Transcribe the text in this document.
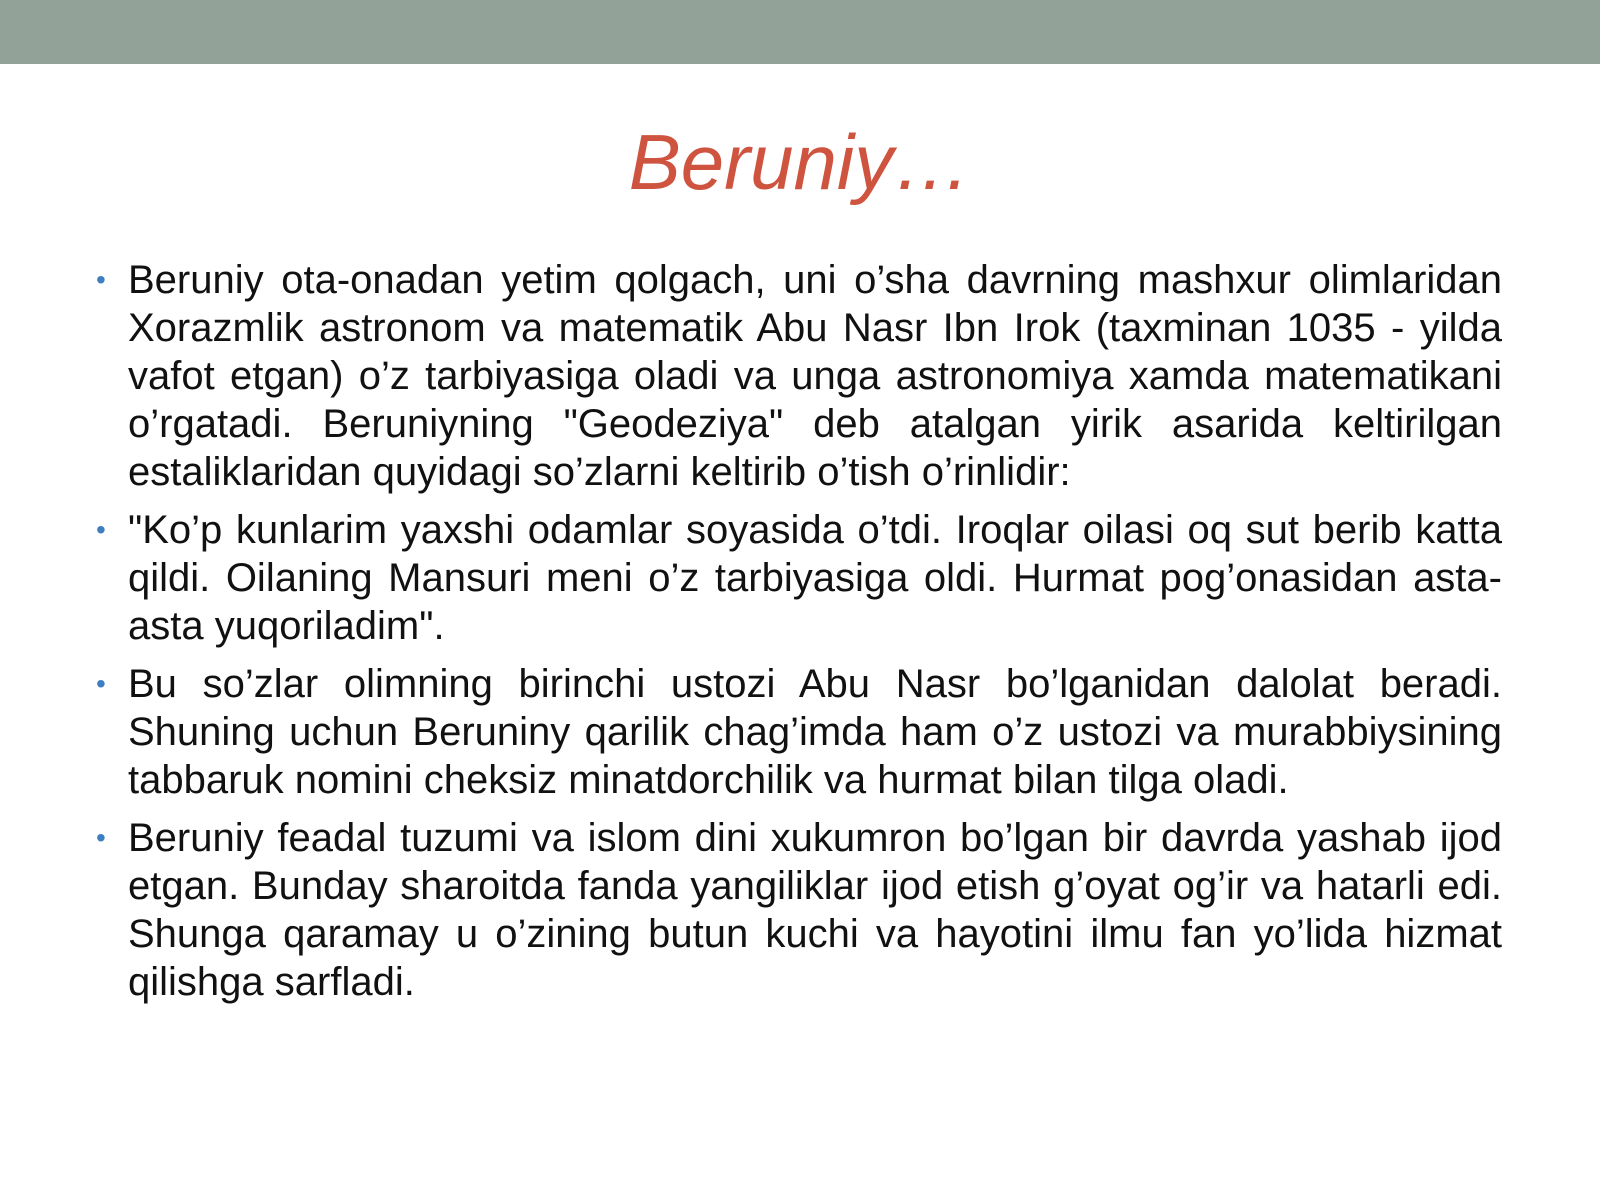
Beruniy…
• Beruniy ota-onadan yetim qolgach, uni o’sha davrning mashxur olimlaridan Xorazmlik astronom va matematik Abu Nasr Ibn Irok (taxminan 1035 - yilda vafot etgan) o’z tarbiyasiga oladi va unga astronomiya xamda matematikani o’rgatadi. Beruniyning "Geodeziya" deb atalgan yirik asarida keltirilgan estaliklaridan quyidagi so’zlarni keltirib o’tish o’rinlidir:
• "Ko’p kunlarim yaxshi odamlar soyasida o’tdi. Iroqlar oilasi oq sut berib katta qildi. Oilaning Mansuri meni o’z tarbiyasiga oldi. Hurmat pog’onasidan asta- asta yuqoriladim".
• Bu so’zlar olimning birinchi ustozi Abu Nasr bo’lganidan dalolat beradi. Shuning uchun Beruniny qarilik chag’imda ham o’z ustozi va murabbiysining tabbaruk nomini cheksiz minatdorchilik va hurmat bilan tilga oladi.
• Beruniy feadal tuzumi va islom dini xukumron bo’lgan bir davrda yashab ijod etgan. Bunday sharoitda fanda yangiliklar ijod etish g’oyat og’ir va hatarli edi. Shunga qaramay u o’zining butun kuchi va hayotini ilmu fan yo’lida hizmat qilishga sarfladi.
